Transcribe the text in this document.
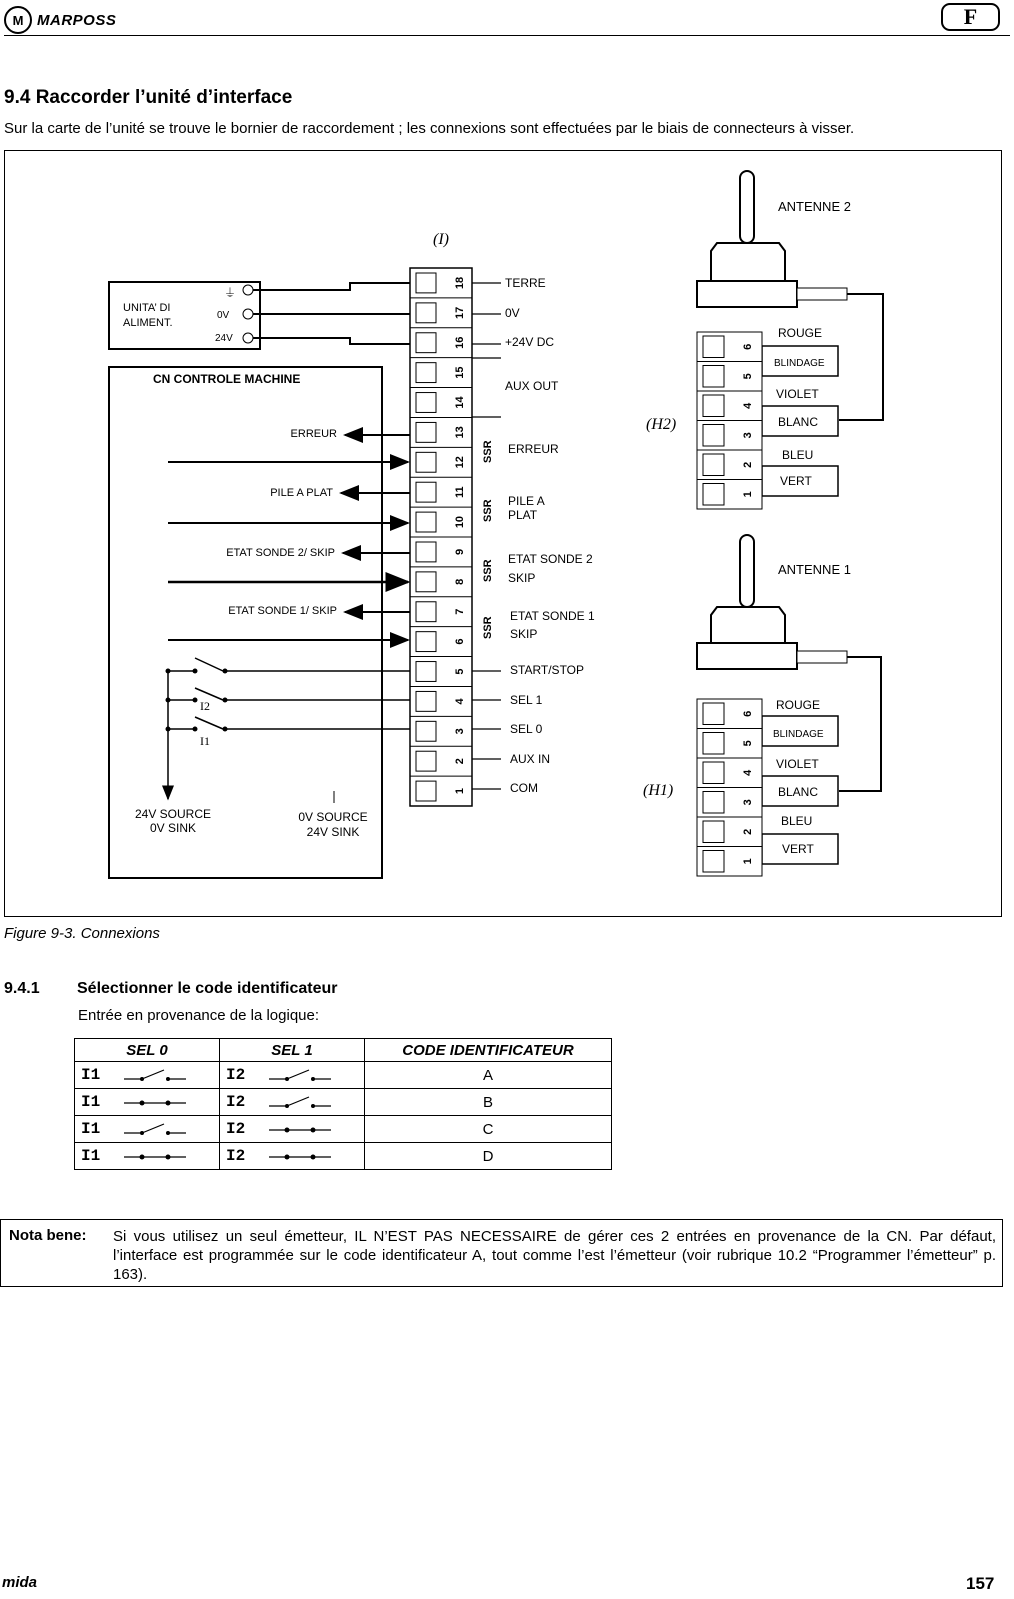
M MARPOSS	F
9.4 Raccorder l’unité d’interface
Sur la carte de l’unité se trouve le bornier de raccordement ; les connexions sont effectuées par le biais de connecteurs à visser.
(I)
UNITA’ DI
ALIMENT.
⏚
0V
24V
CN CONTROLE MACHINE
ERREUR
PILE A PLAT
ETAT SONDE 2/ SKIP
ETAT SONDE 1/ SKIP
24V SOURCE
0V SINK
0V SOURCE
24V SINK
I2
I1
18
17
16
15
14
13
12
11
10
9
8
7
6
5
4
3
2
1
SSR
SSR
SSR
SSR
TERRE
0V
+24V DC
AUX OUT
ERREUR
PILE A
PLAT
ETAT SONDE 2
SKIP
ETAT SONDE 1
SKIP
START/STOP
SEL 1
SEL 0
AUX IN
COM
ANTENNE 2
(H2)
ROUGE
BLINDAGE
VIOLET
BLANC
BLEU
VERT
6
5
4
3
2
1
ANTENNE 1
(H1)
ROUGE
BLINDAGE
VIOLET
BLANC
BLEU
VERT
6
5
4
3
2
1
Figure 9-3. Connexions
9.4.1 Sélectionner le code identificateur
Entrée en provenance de la logique:
SEL 0	SEL 1	CODE IDENTIFICATEUR

I1	I2	A

I1	I2	B

I1	I2	C

I1	I2	D
Nota bene: Si vous utilisez un seul émetteur, IL N’EST PAS NECESSAIRE de gérer ces 2 entrées en provenance de la CN. Par défaut, l’interface est programmée sur le code identificateur A, tout comme l’est l’émetteur (voir rubrique 10.2 “Programmer l’émetteur” p. 163).
mida	157
